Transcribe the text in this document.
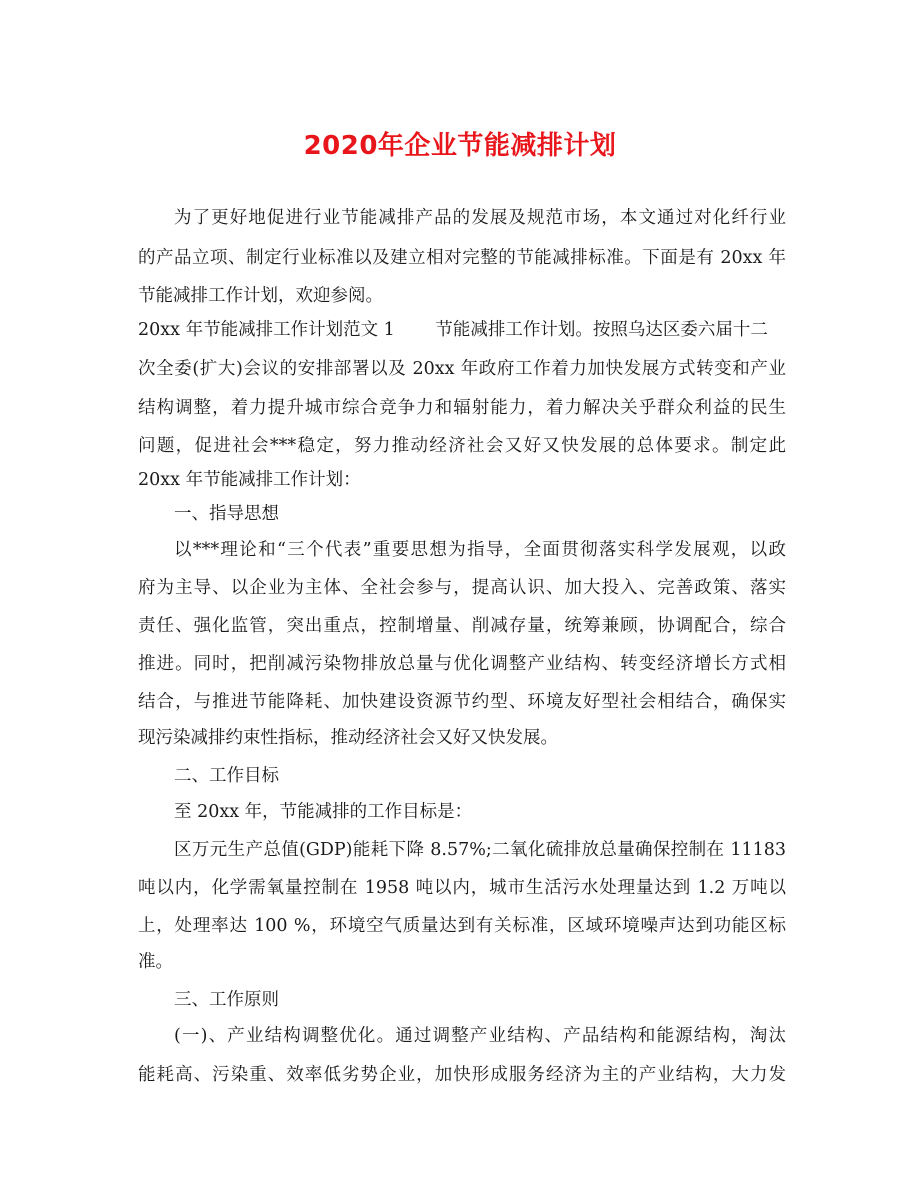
2020年企业节能减排计划
为了更好地促进行业节能减排产品的发展及规范市场，本文通过对化纤行业
的产品立项、制定行业标准以及建立相对完整的节能减排标准。下面是有 20xx 年
节能减排工作计划，欢迎参阅。
20xx 年节能减排工作计划范文 1　　 节能减排工作计划。按照乌达区委六届十二
次全委(扩大)会议的安排部署以及 20xx 年政府工作着力加快发展方式转变和产业
结构调整，着力提升城市综合竞争力和辐射能力，着力解决关乎群众利益的民生
问题，促进社会***稳定，努力推动经济社会又好又快发展的总体要求。制定此
20xx 年节能减排工作计划：
一、指导思想
以***理论和“三个代表”重要思想为指导，全面贯彻落实科学发展观，以政
府为主导、以企业为主体、全社会参与，提高认识、加大投入、完善政策、落实
责任、强化监管，突出重点，控制增量、削减存量，统筹兼顾，协调配合，综合
推进。同时，把削减污染物排放总量与优化调整产业结构、转变经济增长方式相
结合，与推进节能降耗、加快建设资源节约型、环境友好型社会相结合，确保实
现污染减排约束性指标，推动经济社会又好又快发展。
二、工作目标
至 20xx 年，节能减排的工作目标是：
区万元生产总值(GDP)能耗下降 8.57%;二氧化硫排放总量确保控制在 11183
吨以内，化学需氧量控制在 1958 吨以内，城市生活污水处理量达到 1.2 万吨以
上，处理率达 100 %，环境空气质量达到有关标准，区域环境噪声达到功能区标
准。
三、工作原则
(一)、产业结构调整优化。通过调整产业结构、产品结构和能源结构，淘汰
能耗高、污染重、效率低劣势企业，加快形成服务经济为主的产业结构，大力发
